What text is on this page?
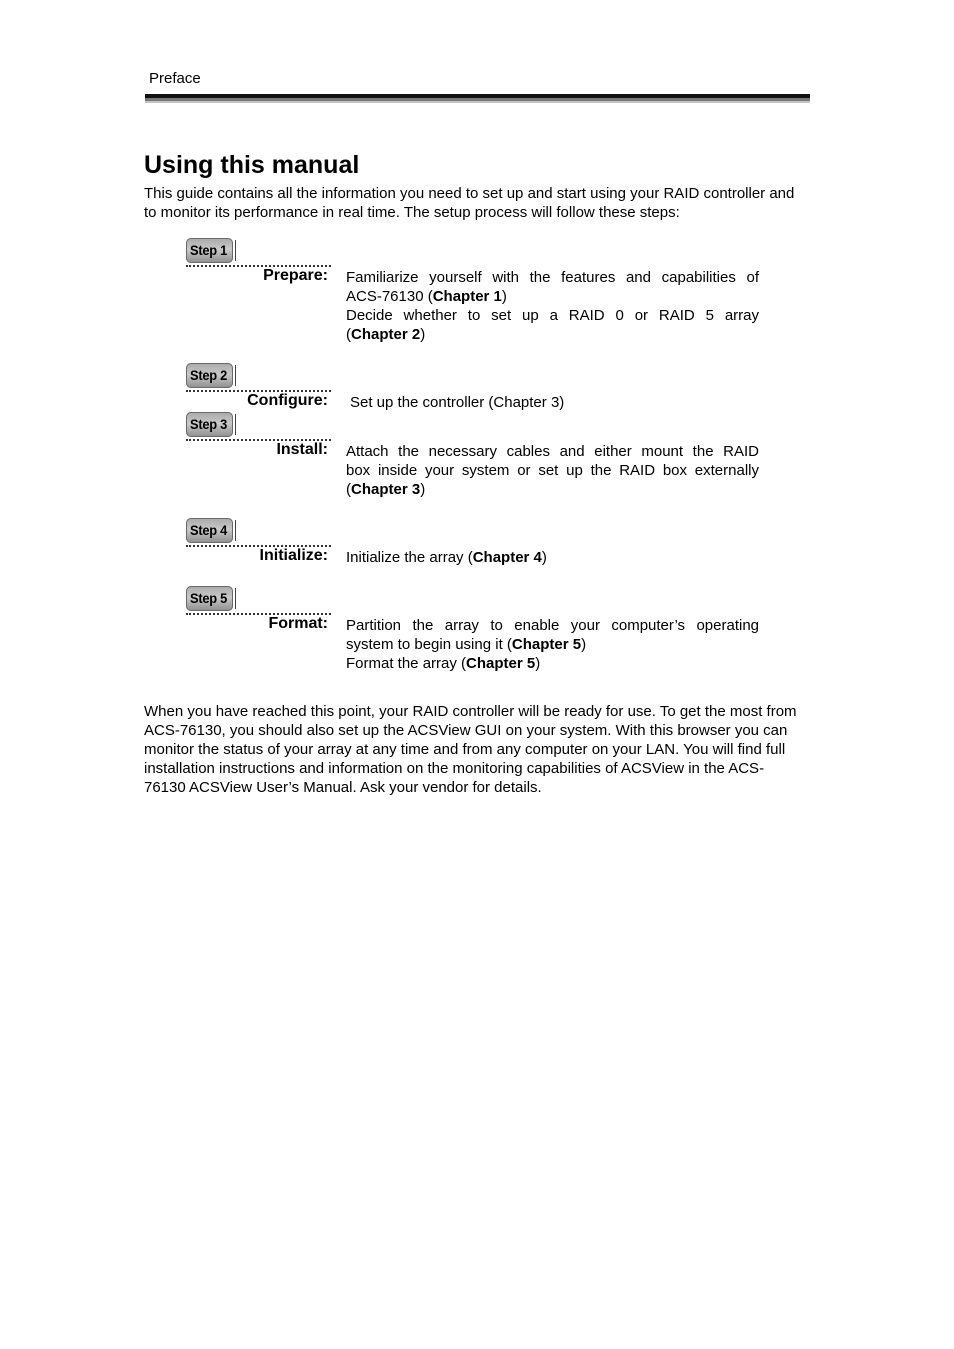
Preface
Using this manual

This guide contains all the information you need to set up and start using your RAID controller and to monitor its performance in real time. The setup process will follow these steps:

Step 1
Prepare: Familiarize yourself with the features and capabilities of
ACS-76130 (Chapter 1)
Decide whether to set up a RAID 0 or RAID 5 array
(Chapter 2)
Step 2
Configure: Set up the controller (Chapter 3)
Step 3
Install: Attach the necessary cables and either mount the RAID
box inside your system or set up the RAID box externally
(Chapter 3)
Step 4
Initialize: Initialize the array (Chapter 4)
Step 5
Format: Partition the array to enable your computer’s operating
system to begin using it (Chapter 5)
Format the array (Chapter 5)

When you have reached this point, your RAID controller will be ready for use. To get the most from ACS-76130, you should also set up the ACSView GUI on your system. With this browser you can monitor the status of your array at any time and from any computer on your LAN. You will find full installation instructions and information on the monitoring capabilities of ACSView in the ACS-76130 ACSView User’s Manual. Ask your vendor for details.
